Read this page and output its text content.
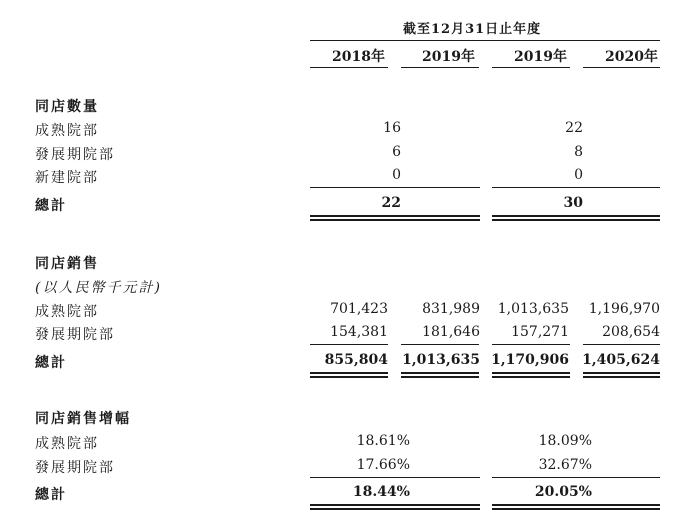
截至12月31日止年度
2018年	2019年	2019年	2020年
同店數量
成熟院部	16	22
發展期院部	6	8
新建院部	0	0
總計	22	30
同店銷售
(以人民幣千元計)
成熟院部	701,423	831,989	1,013,635	1,196,970
發展期院部	154,381	181,646	157,271	208,654
總計	855,804	1,013,635 1,170,906 1,405,624
同店銷售增幅
成熟院部	18.61%	18.09%
發展期院部	17.66%	32.67%
總計	18.44%	20.05%
